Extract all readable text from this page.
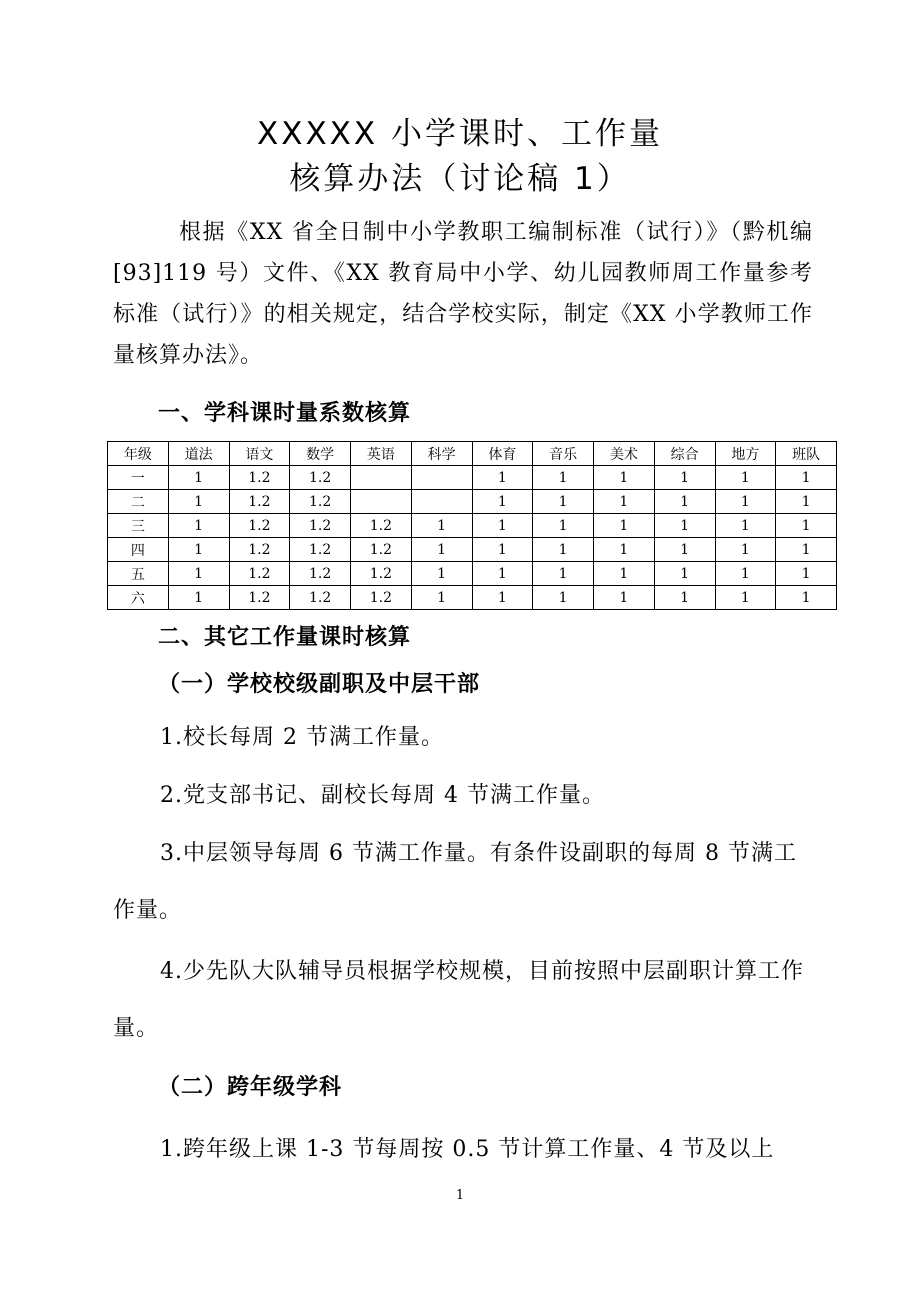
XXXXX 小学课时、工作量
核算办法（讨论稿 1）
根据《XX 省全日制中小学教职工编制标准（试行）》（黔机编[93]119 号）文件、《XX 教育局中小学、幼儿园教师周工作量参考标准（试行）》的相关规定，结合学校实际，制定《XX 小学教师工作量核算办法》。
一、学科课时量系数核算
年级	道法	语文	数学	英语	科学	体育	音乐	美术	综合	地方	班队
一	1	1.2	1.2			1	1	1	1	1	1
二	1	1.2	1.2			1	1	1	1	1	1
三	1	1.2	1.2	1.2	1	1	1	1	1	1	1
四	1	1.2	1.2	1.2	1	1	1	1	1	1	1
五	1	1.2	1.2	1.2	1	1	1	1	1	1	1
六	1	1.2	1.2	1.2	1	1	1	1	1	1	1
二、其它工作量课时核算
（一）学校校级副职及中层干部
1.校长每周 2 节满工作量。
2.党支部书记、副校长每周 4 节满工作量。
3.中层领导每周 6 节满工作量。有条件设副职的每周 8 节满工作量。
4.少先队大队辅导员根据学校规模，目前按照中层副职计算工作量。
（二）跨年级学科
1.跨年级上课 1-3 节每周按 0.5 节计算工作量、4 节及以上
1
